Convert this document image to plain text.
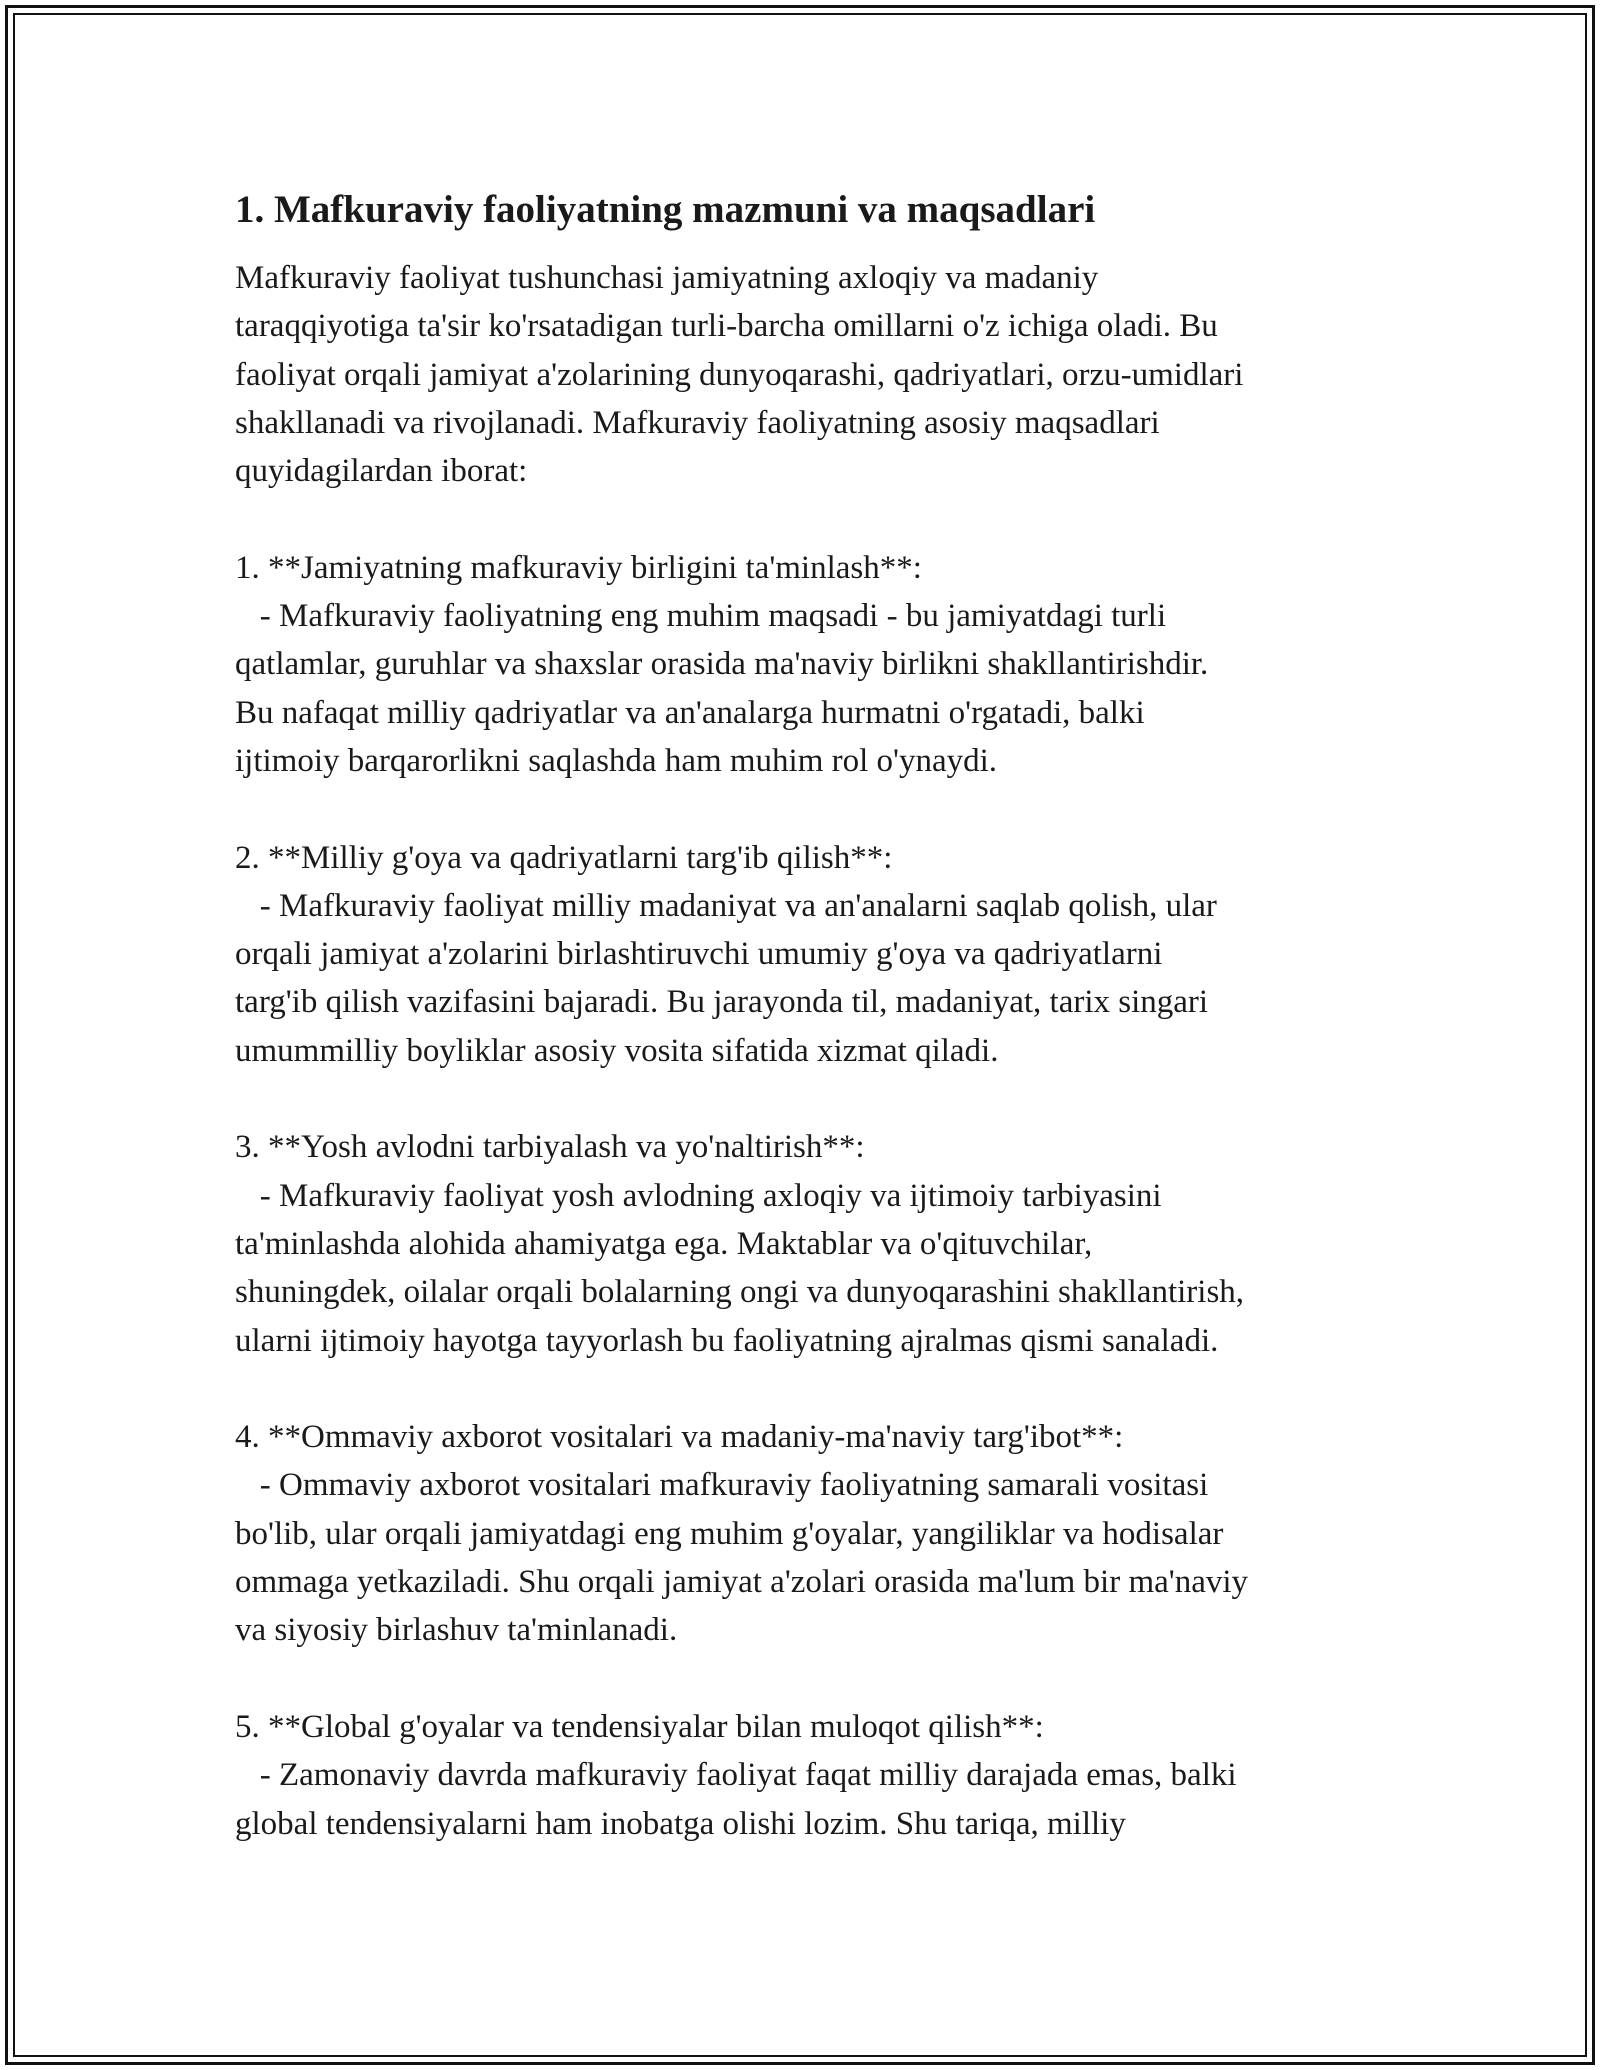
1. Mafkuraviy faoliyatning mazmuni va maqsadlari

Mafkuraviy faoliyat tushunchasi jamiyatning axloqiy va madaniy
taraqqiyotiga ta'sir ko'rsatadigan turli-barcha omillarni o'z ichiga oladi. Bu
faoliyat orqali jamiyat a'zolarining dunyoqarashi, qadriyatlari, orzu-umidlari
shakllanadi va rivojlanadi. Mafkuraviy faoliyatning asosiy maqsadlari
quyidagilardan iborat:

1. **Jamiyatning mafkuraviy birligini ta'minlash**:
- Mafkuraviy faoliyatning eng muhim maqsadi - bu jamiyatdagi turli
qatlamlar, guruhlar va shaxslar orasida ma'naviy birlikni shakllantirishdir.
Bu nafaqat milliy qadriyatlar va an'analarga hurmatni o'rgatadi, balki
ijtimoiy barqarorlikni saqlashda ham muhim rol o'ynaydi.
2. **Milliy g'oya va qadriyatlarni targ'ib qilish**:
- Mafkuraviy faoliyat milliy madaniyat va an'analarni saqlab qolish, ular
orqali jamiyat a'zolarini birlashtiruvchi umumiy g'oya va qadriyatlarni
targ'ib qilish vazifasini bajaradi. Bu jarayonda til, madaniyat, tarix singari
umummilliy boyliklar asosiy vosita sifatida xizmat qiladi.
3. **Yosh avlodni tarbiyalash va yo'naltirish**:
- Mafkuraviy faoliyat yosh avlodning axloqiy va ijtimoiy tarbiyasini
ta'minlashda alohida ahamiyatga ega. Maktablar va o'qituvchilar,
shuningdek, oilalar orqali bolalarning ongi va dunyoqarashini shakllantirish,
ularni ijtimoiy hayotga tayyorlash bu faoliyatning ajralmas qismi sanaladi.
4. **Ommaviy axborot vositalari va madaniy-ma'naviy targ'ibot**:
- Ommaviy axborot vositalari mafkuraviy faoliyatning samarali vositasi
bo'lib, ular orqali jamiyatdagi eng muhim g'oyalar, yangiliklar va hodisalar
ommaga yetkaziladi. Shu orqali jamiyat a'zolari orasida ma'lum bir ma'naviy
va siyosiy birlashuv ta'minlanadi.
5. **Global g'oyalar va tendensiyalar bilan muloqot qilish**:
- Zamonaviy davrda mafkuraviy faoliyat faqat milliy darajada emas, balki
global tendensiyalarni ham inobatga olishi lozim. Shu tariqa, milliy
